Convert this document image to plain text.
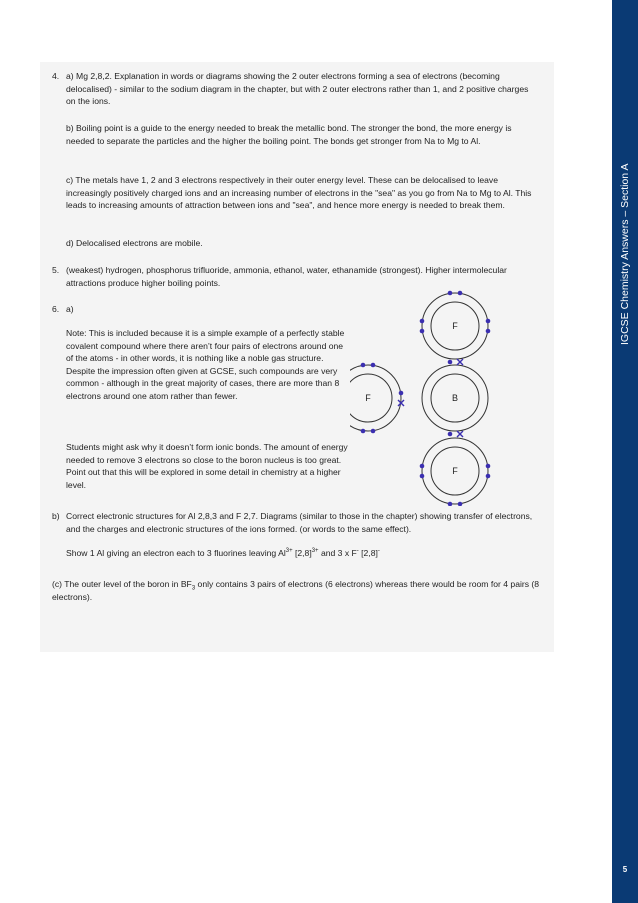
4. a) Mg 2,8,2. Explanation in words or diagrams showing the 2 outer electrons forming a sea of electrons (becoming delocalised) - similar to the sodium diagram in the chapter, but with 2 outer electrons rather than 1, and 2 positive charges on the ions.
b) Boiling point is a guide to the energy needed to break the metallic bond. The stronger the bond, the more energy is needed to separate the particles and the higher the boiling point. The bonds get stronger from Na to Mg to Al.
c) The metals have 1, 2 and 3 electrons respectively in their outer energy level. These can be delocalised to leave increasingly positively charged ions and an increasing number of electrons in the "sea" as you go from Na to Mg to Al. This leads to increasing amounts of attraction between ions and "sea", and hence more energy is needed to break them.
d) Delocalised electrons are mobile.
5. (weakest) hydrogen, phosphorus trifluoride, ammonia, ethanol, water, ethanamide (strongest). Higher intermolecular attractions produce higher boiling points.
6. a)
Note: This is included because it is a simple example of a perfectly stable covalent compound where there aren’t four pairs of electrons around one of the atoms - in other words, it is nothing like a noble gas structure. Despite the impression often given at GCSE, such compounds are very common - although in the great majority of cases, there are more than 8 electrons around one atom rather than fewer.
Students might ask why it doesn’t form ionic bonds. The amount of energy needed to remove 3 electrons so close to the boron nucleus is too great. Point out that this will be explored in some detail in chemistry at a higher level.
F
F	B
F
b) Correct electronic structures for Al 2,8,3 and F 2,7. Diagrams (similar to those in the chapter) showing transfer of electrons, and the charges and electronic structures of the ions formed. (or words to the same effect).
Show 1 Al giving an electron each to 3 fluorines leaving $Al^{3+}$ $[2,8]^{3+}$ and 3 x F- [2,8]-
(c) The outer level of the boron in $BF_3$ only contains 3 pairs of electrons (6 electrons) whereas there would be room for 4 pairs (8 electrons).
IGCSE Chemistry Answers – Section A
5
